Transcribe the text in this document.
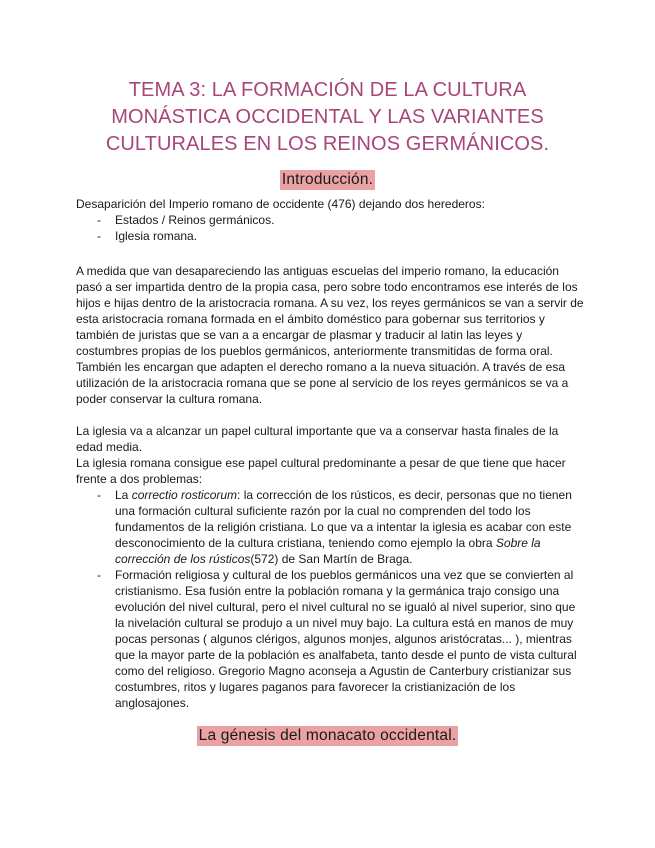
TEMA 3: LA FORMACIÓN DE LA CULTURA
MONÁSTICA OCCIDENTAL Y LAS VARIANTES
CULTURALES EN LOS REINOS GERMÁNICOS.
Introducción.

Desaparición del Imperio romano de occidente (476) dejando dos herederos:

- Estados / Reinos germánicos.
- Iglesia romana.

A medida que van desapareciendo las antiguas escuelas del imperio romano, la educación pasó a ser impartida dentro de la propia casa, pero sobre todo encontramos ese interés de los hijos e hijas dentro de la aristocracia romana. A su vez, los reyes germánicos se van a servir de esta aristocracia romana formada en el ámbito doméstico para gobernar sus territorios y también de juristas que se van a a encargar de plasmar y traducir al latin las leyes y costumbres propias de los pueblos germánicos, anteriormente transmitidas de forma oral. También les encargan que adapten el derecho romano a la nueva situación. A través de esa utilización de la aristocracia romana que se pone al servicio de los reyes germánicos se va a poder conservar la cultura romana.

La iglesia va a alcanzar un papel cultural importante que va a conservar hasta finales de la edad media.

La iglesia romana consigue ese papel cultural predominante a pesar de que tiene que hacer frente a dos problemas:

- La correctio rosticorum: la corrección de los rústicos, es decir, personas que no tienen una formación cultural suficiente razón por la cual no comprenden del todo los fundamentos de la religión cristiana. Lo que va a intentar la iglesia es acabar con este desconocimiento de la cultura cristiana, teniendo como ejemplo la obra Sobre la corrección de los rústicos(572) de San Martín de Braga.
- Formación religiosa y cultural de los pueblos germánicos una vez que se convierten al cristianismo. Esa fusión entre la población romana y la germánica trajo consigo una evolución del nivel cultural, pero el nivel cultural no se igualó al nivel superior, sino que la nivelación cultural se produjo a un nivel muy bajo. La cultura está en manos de muy pocas personas ( algunos clérigos, algunos monjes, algunos aristócratas... ), mientras que la mayor parte de la población es analfabeta, tanto desde el punto de vista cultural como del religioso. Gregorio Magno aconseja a Agustin de Canterbury cristianizar sus costumbres, ritos y lugares paganos para favorecer la cristianización de los anglosajones.
La génesis del monacato occidental.
